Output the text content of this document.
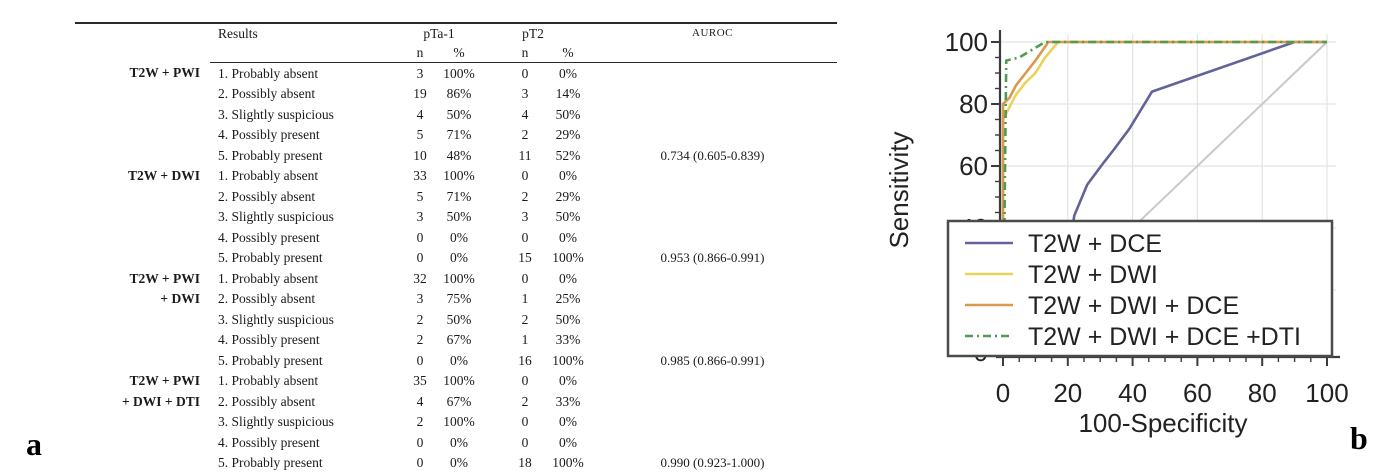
	Results	pTa-1		pT2		AUROC
		n	%	n	%	
T2W + PWI	1. Probably absent	3	100%	0	0%	
	2. Possibly absent	19	86%	3	14%	
	3. Slightly suspicious	4	50%	4	50%	
	4. Possibly present	5	71%	2	29%	
	5. Probably present	10	48%	11	52%	0.734 (0.605-0.839)
T2W + DWI	1. Probably absent	33	100%	0	0%	
	2. Possibly absent	5	71%	2	29%	
	3. Slightly suspicious	3	50%	3	50%	
	4. Possibly present	0	0%	0	0%	
	5. Probably present	0	0%	15	100%	0.953 (0.866-0.991)
T2W + PWI	1. Probably absent	32	100%	0	0%	
+ DWI	2. Possibly absent	3	75%	1	25%	
	3. Slightly suspicious	2	50%	2	50%	
	4. Possibly present	2	67%	1	33%	
	5. Probably present	0	0%	16	100%	0.985 (0.866-0.991)
T2W + PWI	1. Probably absent	35	100%	0	0%	
+ DWI + DTI	2. Possibly absent	4	67%	2	33%	
	3. Slightly suspicious	2	100%	0	0%	
	4. Possibly present	0	0%	0	0%	
	5. Probably present	0	0%	18	100%	0.990 (0.923-1.000)
a
60
80
100
0 20 40 60 80 100
T2W + DCE
T2W + DWI
T2W + DWI + DCE
T2W + DWI + DCE +DTI
Sensitivity
100-Specificity	b
